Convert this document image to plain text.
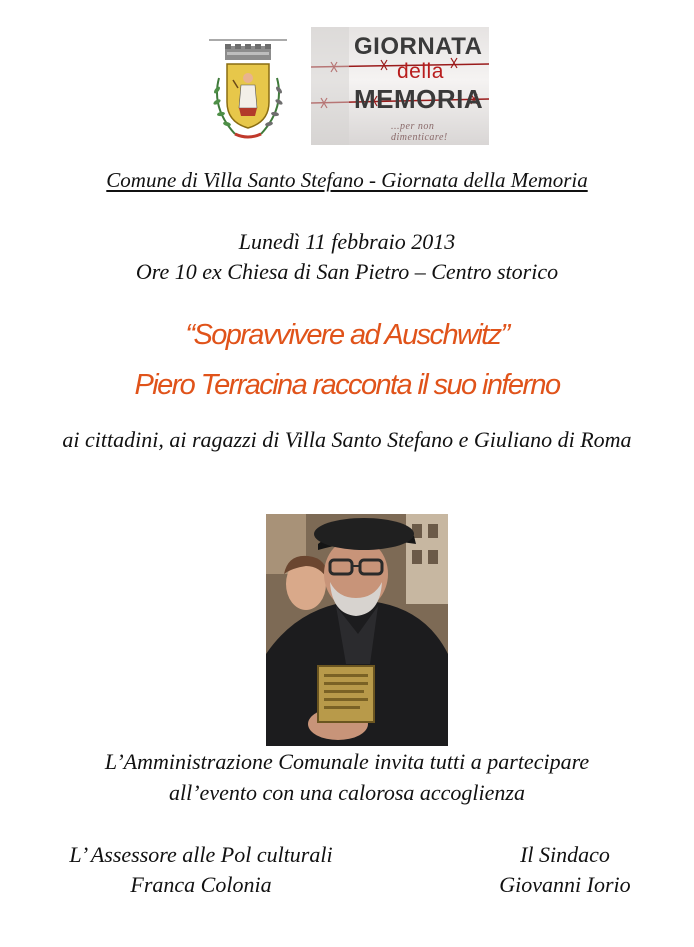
GIORNATA
della
MEMORIA
...per non dimenticare!
Comune di Villa Santo Stefano - Giornata della Memoria
Lunedì 11 febbraio 2013
Ore 10 ex Chiesa di San Pietro – Centro storico
“Sopravvivere ad Auschwitz”
Piero Terracina racconta il suo inferno
ai cittadini, ai ragazzi di Villa Santo Stefano e Giuliano di Roma
L’Amministrazione Comunale invita tutti a partecipare
all’evento con una calorosa accoglienza
L’ Assessore alle Pol culturali
Franca Colonia
Il Sindaco
Giovanni Iorio
